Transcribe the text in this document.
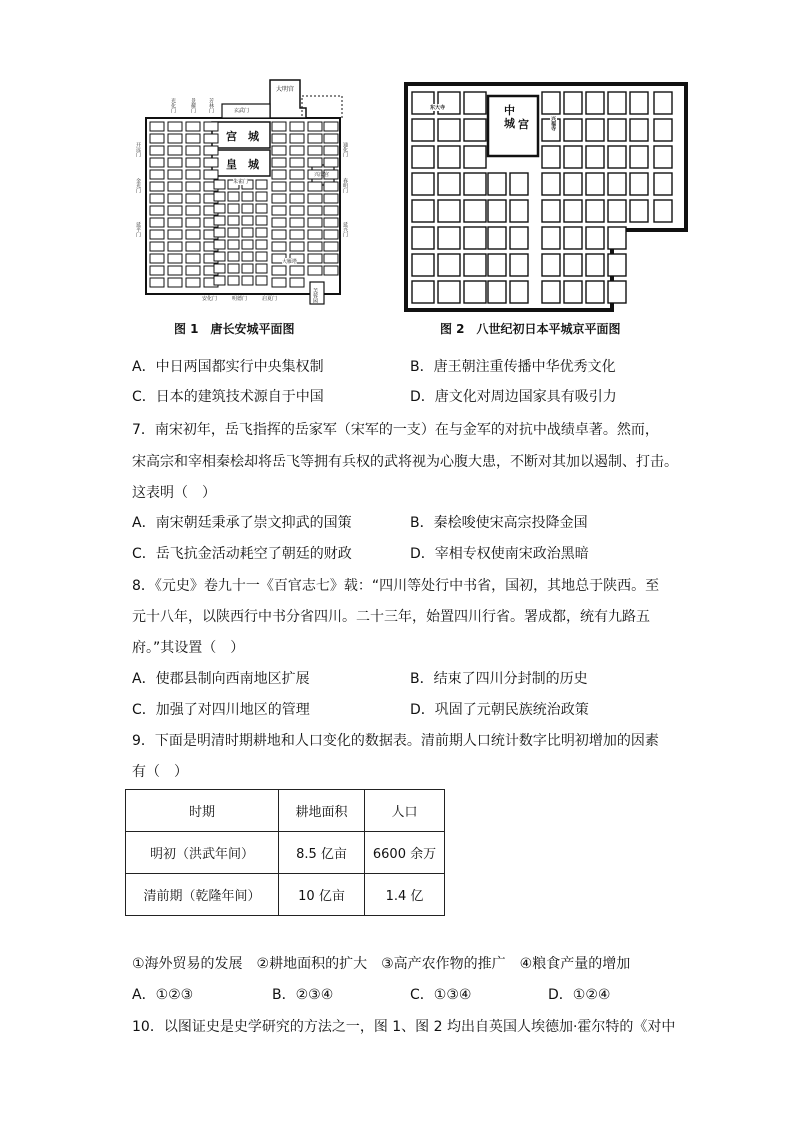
大明宫
玄武门
宫　城
皇　城
朱雀门
兴庆宫
大雁塔
芙蓉园
光化门	景耀门 芳林门
开远门
金光门
延平门
通化门
春明门
延兴门
安化门	明德门	启夏门
图 1　唐长安城平面图
中
城 宫
东大寺
兴福寺
图 2　八世纪初日本平城京平面图
A．中日两国都实行中央集权制	B．唐王朝注重传播中华优秀文化
C．日本的建筑技术源自于中国	D．唐文化对周边国家具有吸引力
7．南宋初年，岳飞指挥的岳家军（宋军的一支）在与金军的对抗中战绩卓著。然而，
宋高宗和宰相秦桧却将岳飞等拥有兵权的武将视为心腹大患，不断对其加以遏制、打击。
这表明（　）
A．南宋朝廷秉承了崇文抑武的国策	B．秦桧唆使宋高宗投降金国
C．岳飞抗金活动耗空了朝廷的财政	D．宰相专权使南宋政治黑暗
8．《元史》卷九十一《百官志七》载：“四川等处行中书省，国初，其地总于陕西。至
元十八年，以陕西行中书分省四川。二十三年，始置四川行省。署成都，统有九路五
府。”其设置（　）
A．使郡县制向西南地区扩展	B．结束了四川分封制的历史
C．加强了对四川地区的管理	D．巩固了元朝民族统治政策
9．下面是明清时期耕地和人口变化的数据表。清前期人口统计数字比明初增加的因素
有（　）
时期	耕地面积	人口
明初（洪武年间）	8.5 亿亩	6600 余万
清前期（乾隆年间）	10 亿亩	1.4 亿
①海外贸易的发展　②耕地面积的扩大　③高产农作物的推广　④粮食产量的增加
A．①②③	B．②③④	C．①③④	D．①②④
10．以图证史是史学研究的方法之一，图 1、图 2 均出自英国人埃德加·霍尔特的《对中
